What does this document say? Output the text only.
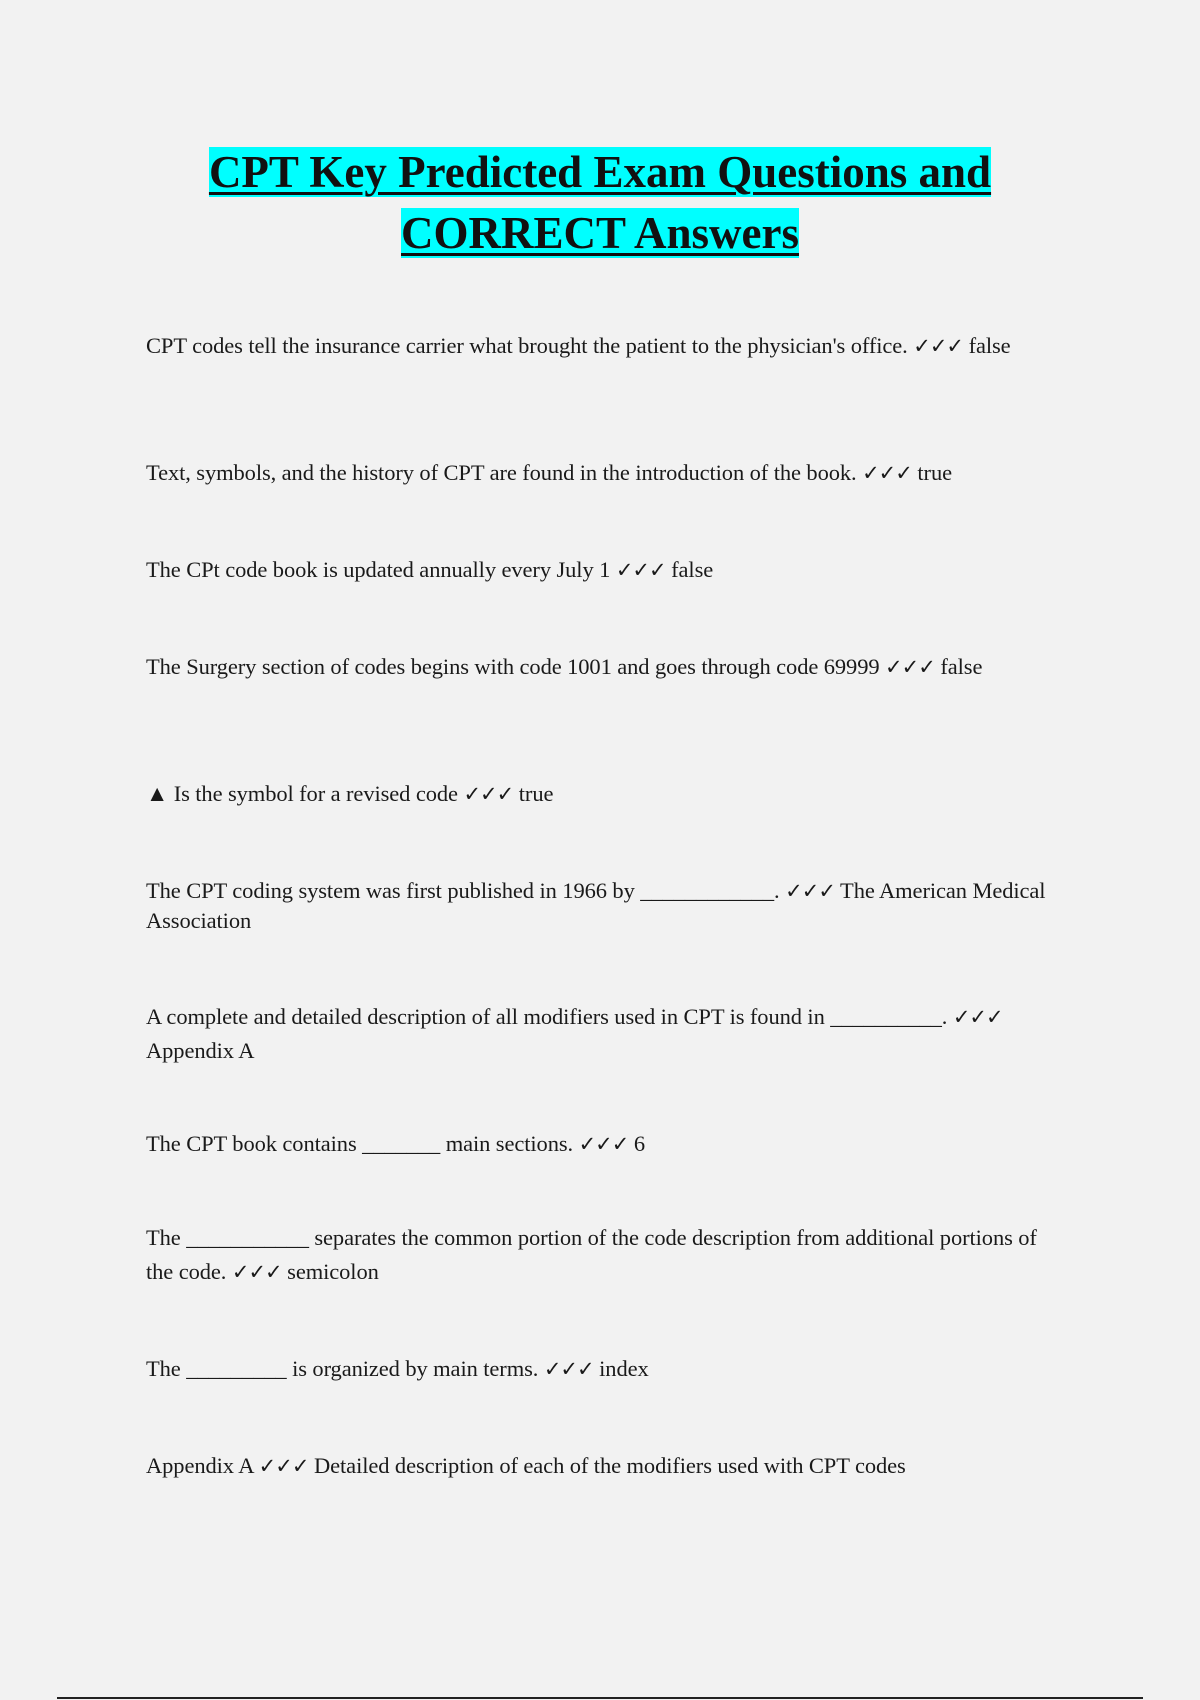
CPT Key Predicted Exam Questions and
CORRECT Answers

CPT codes tell the insurance carrier what brought the patient to the physician's office. ✓✓✓ false

Text, symbols, and the history of CPT are found in the introduction of the book. ✓✓✓ true

The CPt code book is updated annually every July 1 ✓✓✓ false

The Surgery section of codes begins with code 1001 and goes through code 69999 ✓✓✓ false

▲ Is the symbol for a revised code ✓✓✓ true

The CPT coding system was first published in 1966 by ____________. ✓✓✓ The American Medical Association

A complete and detailed description of all modifiers used in CPT is found in __________. ✓✓✓ Appendix A

The CPT book contains _______ main sections. ✓✓✓ 6

The ___________ separates the common portion of the code description from additional portions of the code. ✓✓✓ semicolon

The _________ is organized by main terms. ✓✓✓ index

Appendix A ✓✓✓ Detailed description of each of the modifiers used with CPT codes
